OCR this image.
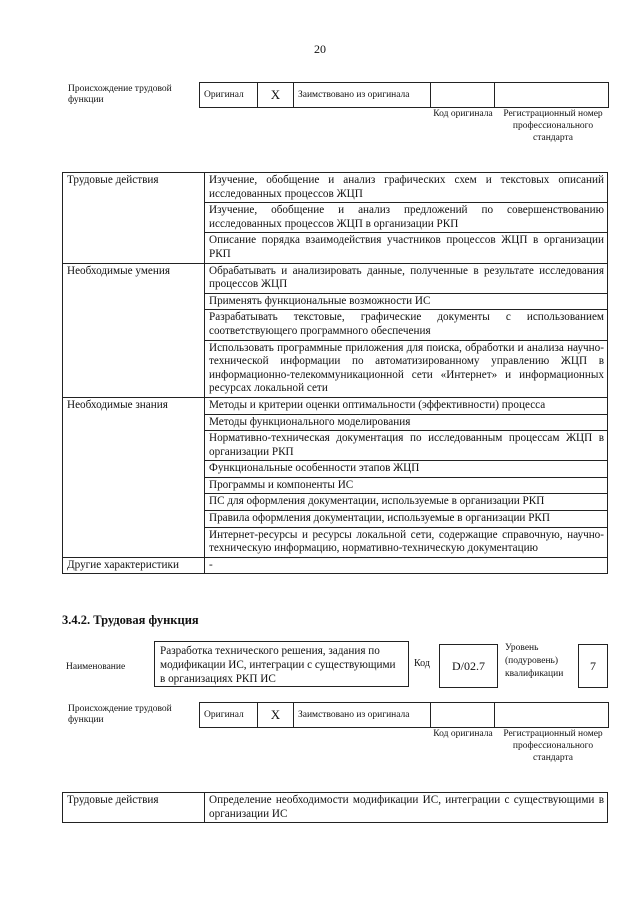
20
Происхождение трудовой функции	Оригинал	X	Заимствовано из оригинала		
Код оригинала	Регистрационный номер профессионального стандарта
Трудовые действия	Изучение, обобщение и анализ графических схем и текстовых описаний исследованных процессов ЖЦП
	Изучение, обобщение и анализ предложений по совершенствованию исследованных процессов ЖЦП в организации РКП
	Описание порядка взаимодействия участников процессов ЖЦП в организации РКП
Необходимые умения	Обрабатывать и анализировать данные, полученные в результате исследования процессов ЖЦП
	Применять функциональные возможности ИС
	Разрабатывать текстовые, графические документы с использованием соответствующего программного обеспечения
	Использовать программные приложения для поиска, обработки и анализа научно-технической информации по автоматизированному управлению ЖЦП в информационно-телекоммуникационной сети «Интернет» и информационных ресурсах локальной сети
Необходимые знания	Методы и критерии оценки оптимальности (эффективности) процесса
	Методы функционального моделирования
	Нормативно-техническая документация по исследованным процессам ЖЦП в организации РКП
	Функциональные особенности этапов ЖЦП
	Программы и компоненты ИС
	ПС для оформления документации, используемые в организации РКП
	Правила оформления документации, используемые в организации РКП
	Интернет-ресурсы и ресурсы локальной сети, содержащие справочную, научно-техническую информацию, нормативно-техническую документацию
Другие характеристики	-
3.4.2. Трудовая функция
Наименование
Разработка технического решения, задания по модификации ИС, интеграции с существующими в организациях РКП ИС
Код	D/02.7
Уровень (подуровень) квалификации
7
Происхождение трудовой функции	Оригинал	X	Заимствовано из оригинала		
Код оригинала	Регистрационный номер профессионального стандарта
Трудовые действия	Определение необходимости модификации ИС, интеграции с существующими в организации ИС
